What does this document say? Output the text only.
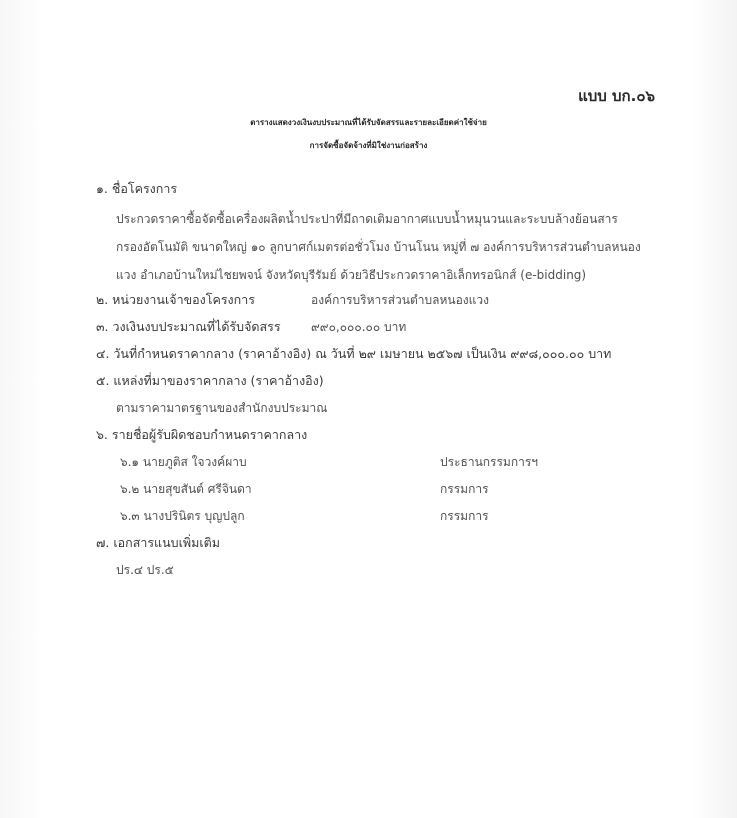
แบบ บก.๐๖
ตารางแสดงวงเงินงบประมาณที่ได้รับจัดสรรและรายละเอียดค่าใช้จ่าย
การจัดซื้อจัดจ้างที่มิใช่งานก่อสร้าง
๑. ชื่อโครงการ
ประกวดราคาซื้อจัดซื้อเครื่องผลิตน้ำประปาที่มีถาดเติมอากาศแบบน้ำหมุนวนและระบบล้างย้อนสาร
กรองอัตโนมัติ ขนาดใหญ่ ๑๐ ลูกบาศก์เมตรต่อชั่วโมง บ้านโนน หมู่ที่ ๗ องค์การบริหารส่วนตำบลหนอง
แวง อำเภอบ้านใหม่ไชยพจน์ จังหวัดบุรีรัมย์ ด้วยวิธีประกวดราคาอิเล็กทรอนิกส์ (e-bidding)
๒. หน่วยงานเจ้าของโครงการ	องค์การบริหารส่วนตำบลหนองแวง
๓. วงเงินงบประมาณที่ได้รับจัดสรร	๙๙๐,๐๐๐.๐๐ บาท
๔. วันที่กำหนดราคากลาง (ราคาอ้างอิง) ณ วันที่ ๒๙ เมษายน ๒๕๖๗ เป็นเงิน ๙๙๘,๐๐๐.๐๐ บาท
๕. แหล่งที่มาของราคากลาง (ราคาอ้างอิง)
ตามราคามาตรฐานของสำนักงบประมาณ
๖. รายชื่อผู้รับผิดชอบกำหนดราคากลาง
๖.๑ นายภูติส ใจวงค์ผาบ	ประธานกรรมการฯ
๖.๒ นายสุขสันต์ ศรีจินดา	กรรมการ
๖.๓ นางปรินิตร บุญปลูก	กรรมการ
๗. เอกสารแนบเพิ่มเติม
ปร.๔ ปร.๕
